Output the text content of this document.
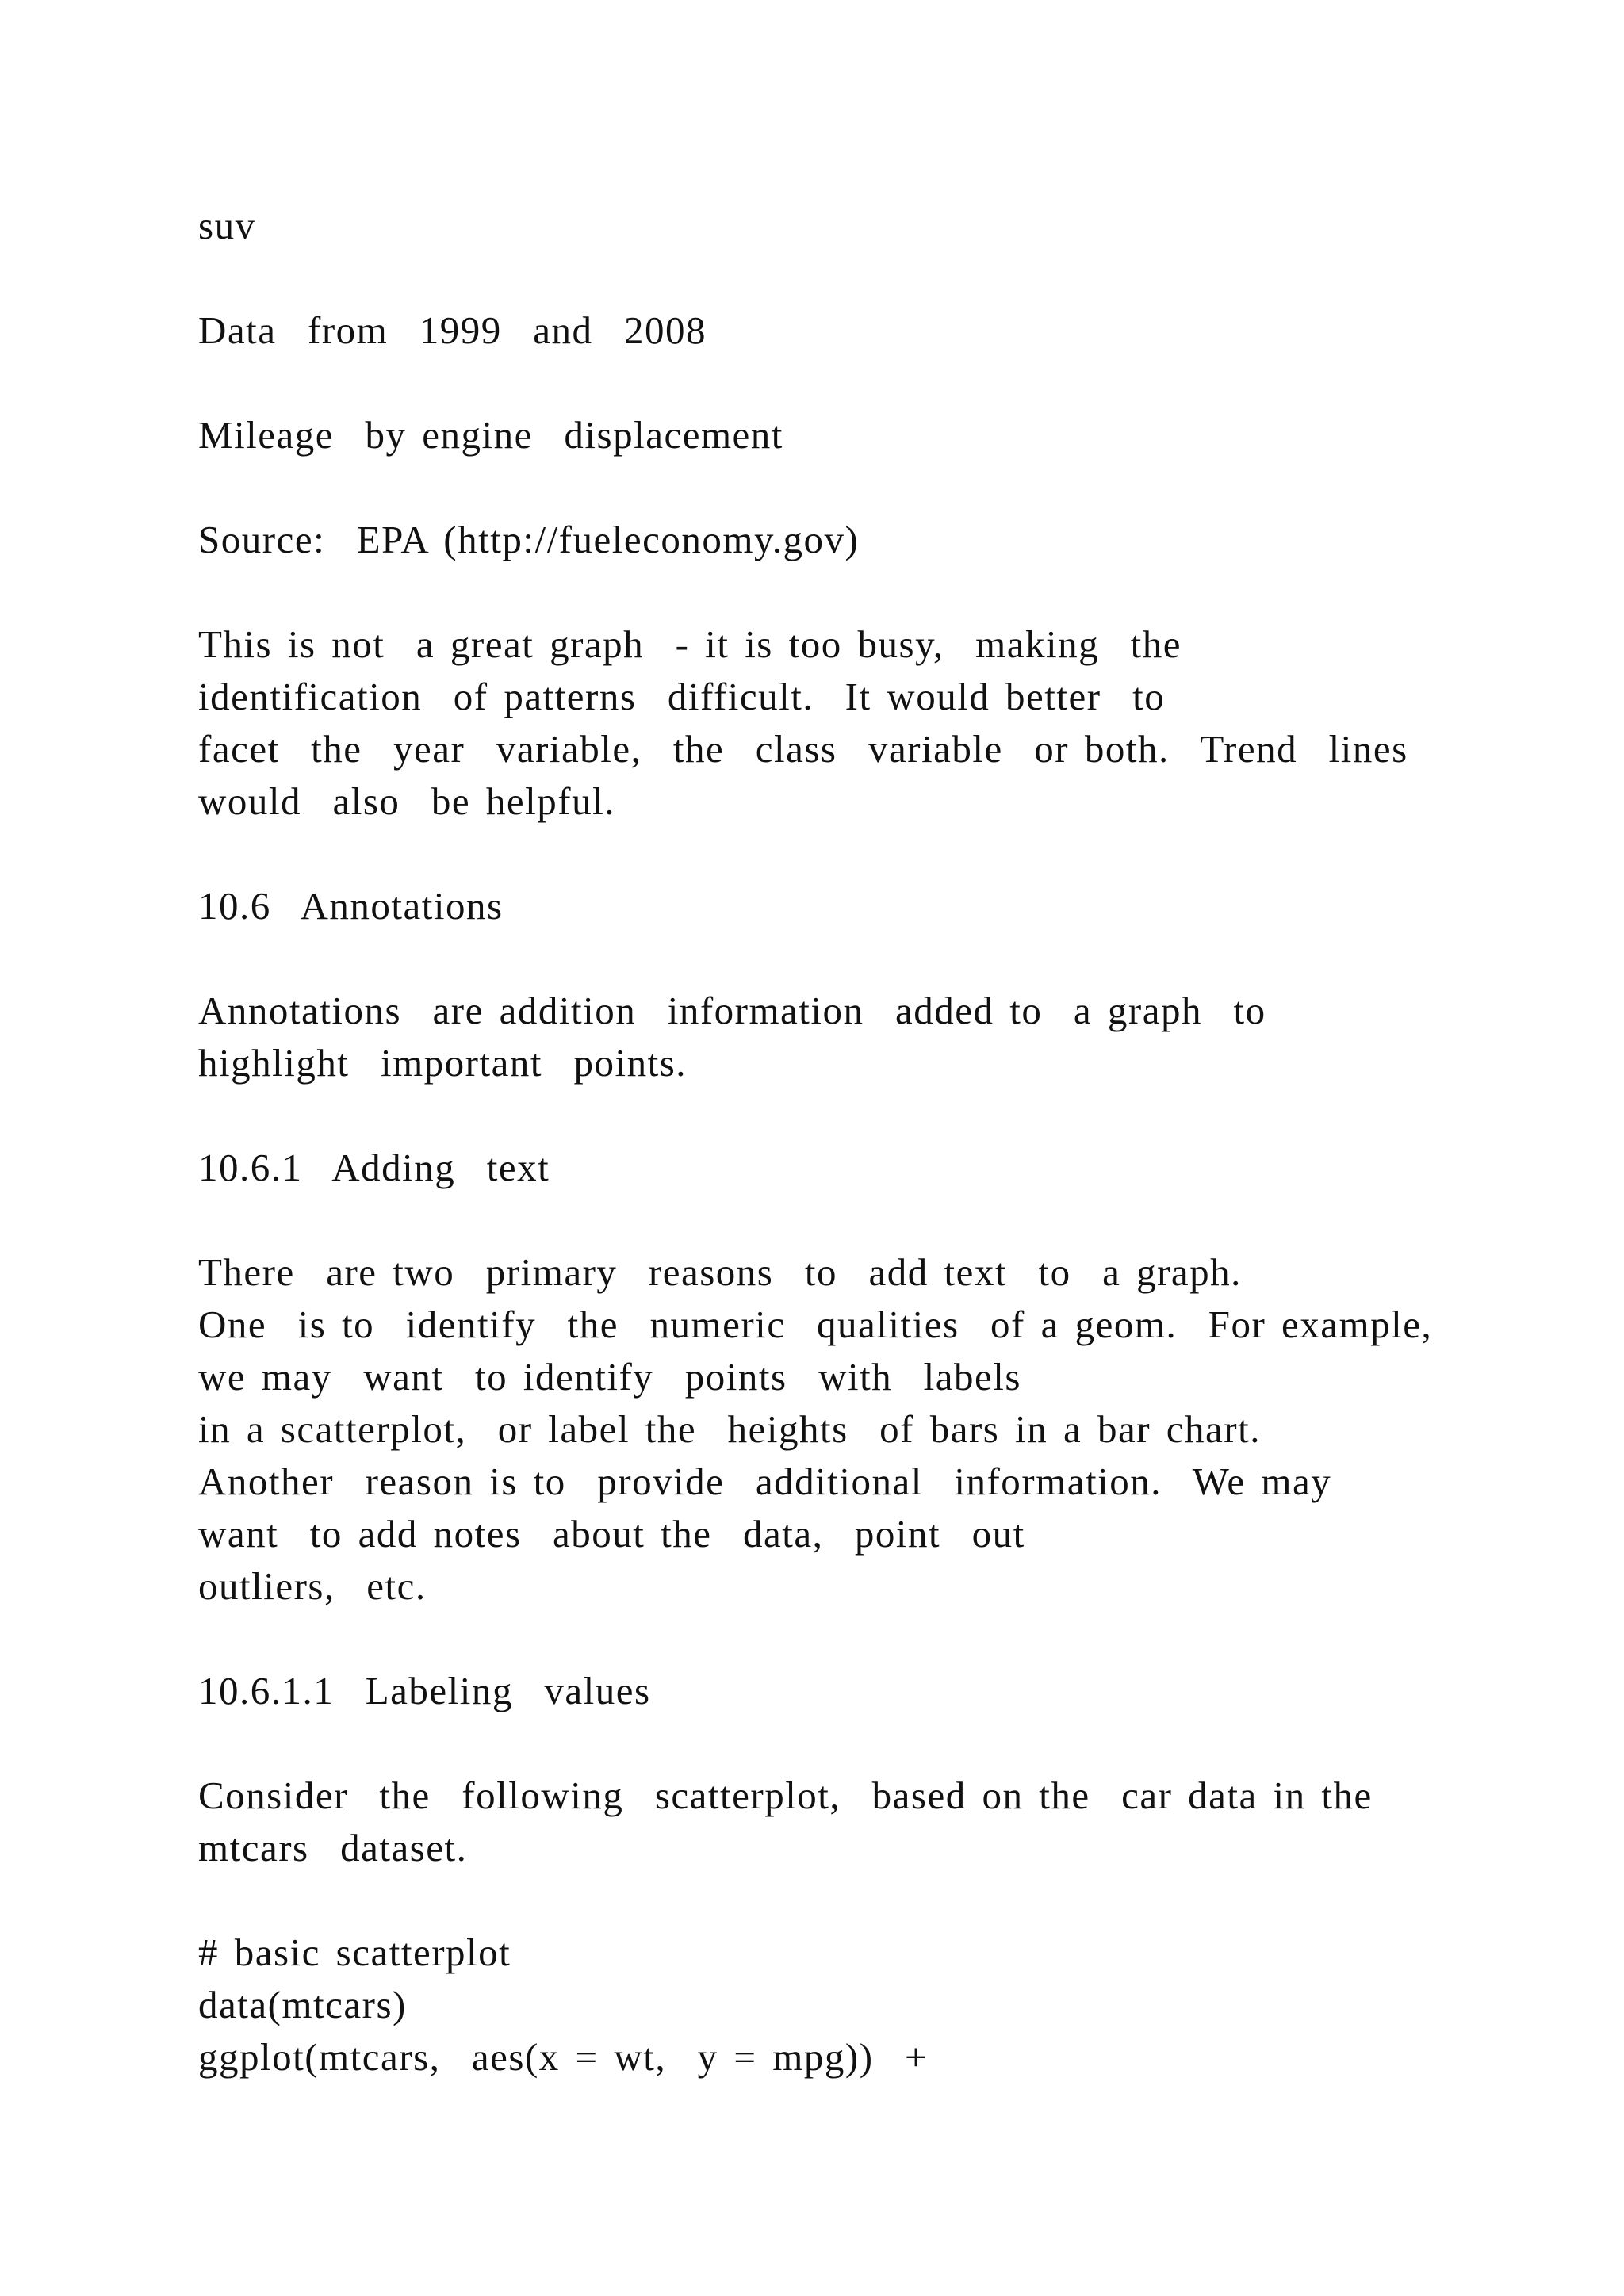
suv
Data  from  1999  and  2008
Mileage  by engine  displacement
Source:  EPA (http://fueleconomy.gov)
This is not  a great graph  - it is too busy,  making  the
identification  of patterns  difficult.  It would better  to
facet  the  year  variable,  the  class  variable  or both.  Trend  lines
would  also  be helpful.
10.6  Annotations
Annotations  are addition  information  added to  a graph  to
highlight  important  points.
10.6.1  Adding  text
There  are two  primary  reasons  to  add text  to  a graph.
One  is to  identify  the  numeric  qualities  of a geom.  For example,
we may  want  to identify  points  with  labels
in a scatterplot,  or label the  heights  of bars in a bar chart.
Another  reason is to  provide  additional  information.  We may
want  to add notes  about the  data,  point  out
outliers,  etc.
10.6.1.1  Labeling  values
Consider  the  following  scatterplot,  based on the  car data in the
mtcars  dataset.
# basic scatterplot
data(mtcars)
ggplot(mtcars,  aes(x = wt,  y = mpg))  +
